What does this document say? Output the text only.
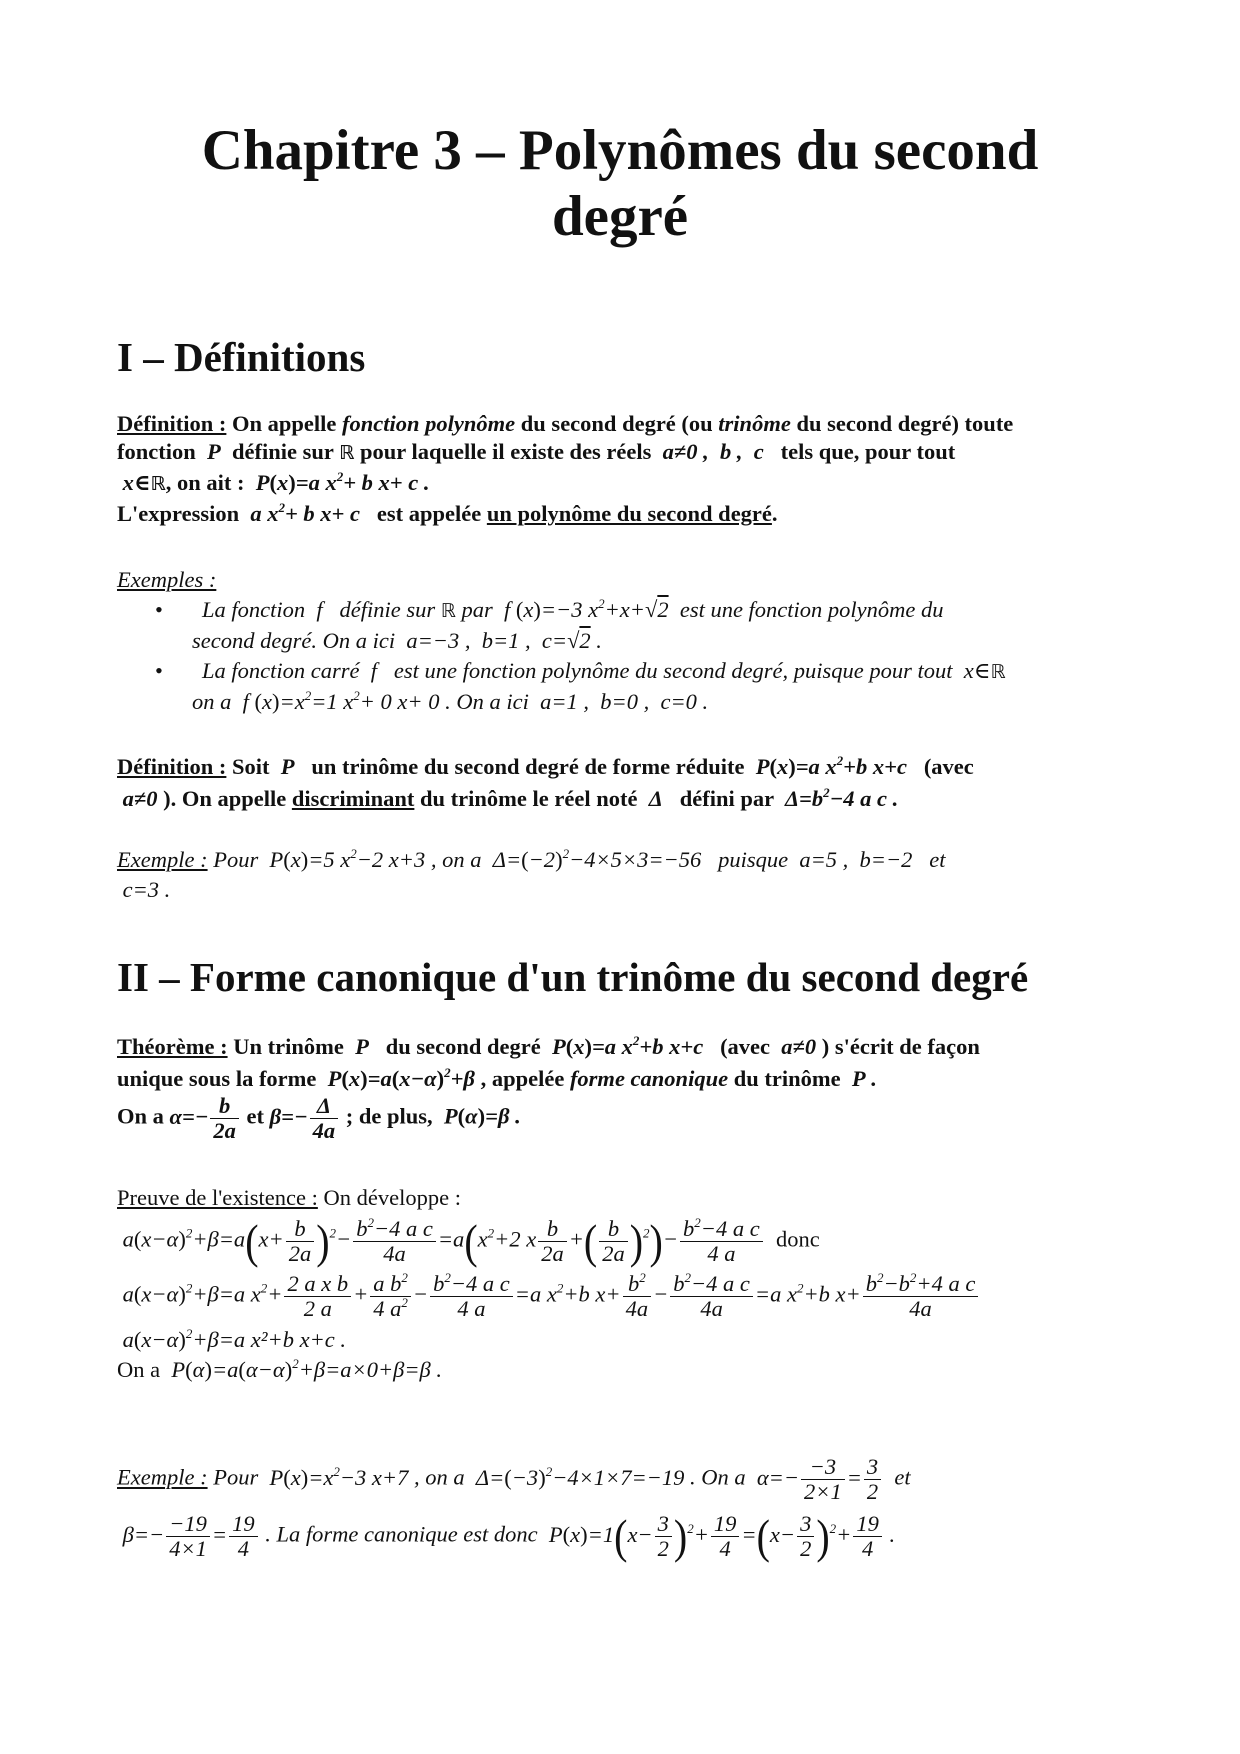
Chapitre 3 – Polynômes du second degré
I – Définitions
Définition : On appelle fonction polynôme du second degré (ou trinôme du second degré) toute
fonction  P  définie sur ℝ pour laquelle il existe des réels  a≠0 ,  b ,  c   tels que, pour tout
x∈ℝ, on ait :  P(x)=a $x^2+ b$ x+ c .
L'expression  a $x^2+ b$ x+ c   est appelée un polynôme du second degré.
Exemples :
• La fonction  f   définie sur ℝ par  f (x)=−3 $x^2+x+√2$  est une fonction polynôme du
second degré. On a ici  a=−3 ,  b=1 ,  c=√2 .
• La fonction carré  f   est une fonction polynôme du second degré, puisque pour tout  x∈ℝ
on a  f $(x)=x^2=1$ $x^2+ 0$ x+ 0 . On a ici  a=1 ,  b=0 ,  c=0 .
Définition : Soit  P   un trinôme du second degré de forme réduite  P(x)=a $x^2+b$ x+c   (avec
a≠0 ). On appelle discriminant du trinôme le réel noté  Δ   défini par  $\Delta=b^2-4$ a c .
Exemple : Pour  P(x)=5 $x^2-2$ x+3 , on a  $\Delta=(-2)^2-4\times 5\times 3=-56$   puisque  a=5 ,  b=−2   et
c=3 .
II – Forme canonique d'un trinôme du second degré
Théorème : Un trinôme  P   du second degré  P(x)=a $x^2+b$ x+c   (avec  a≠0 ) s'écrit de façon
unique sous la forme  $P(x)=a(x-\alpha)^2+\beta$ , appelée forme canonique du trinôme  P .
On a $\alpha=- \frac{b}{2a}$ et $\beta=- \frac{\Delta}{4a}$ ; de plus,  P(α)=β .
Preuve de l'existence : On développe :
$a(x-\alpha)^2+\beta=a(x+ \frac{b}{2a} )^2- \frac{b^2-4 a c}{4a} =a(x^2+2$ x $\frac{b}{2a}$ +( $\frac{b}{2a} )^2)- \frac{b^2-4 a c}{4 a}$ donc
$a(x-\alpha)^2+\beta=a$ $x^2+ \frac{\text{2 a x b}}{2 a} + \frac{a b^2}{4 a^2} - \frac{b^2-4 a c}{4 a} =a$ $x^2+b$ $x+ \frac{b^2}{4a} - \frac{b^2-4 a c}{4a} =a$ $x^2+b$ $x+ \frac{b^2-b^2+4 a c}{4a}$
$a(x-\alpha)^2+\beta=a$ x²+b x+c .
On a  $P(\alpha)=a(\alpha-\alpha)^2+\beta=a\times 0+\beta=\beta$ .
Exemple : Pour  $P(x)=x^2-3$ x+7 , on a  $\Delta=(-3)^2-4\times 1\times 7=-19$ . On a  $\alpha=- \frac{-3}{2\times 1} = \frac{3}{2}$ et
$\beta=- \frac{-19}{4\times 1} = \frac{19}{4}$ . La forme canonique est donc  $P(x)=1(x- \frac{3}{2} )^2+ \frac{19}{4} =(x- \frac{3}{2} )^2+ \frac{19}{4}$ .
